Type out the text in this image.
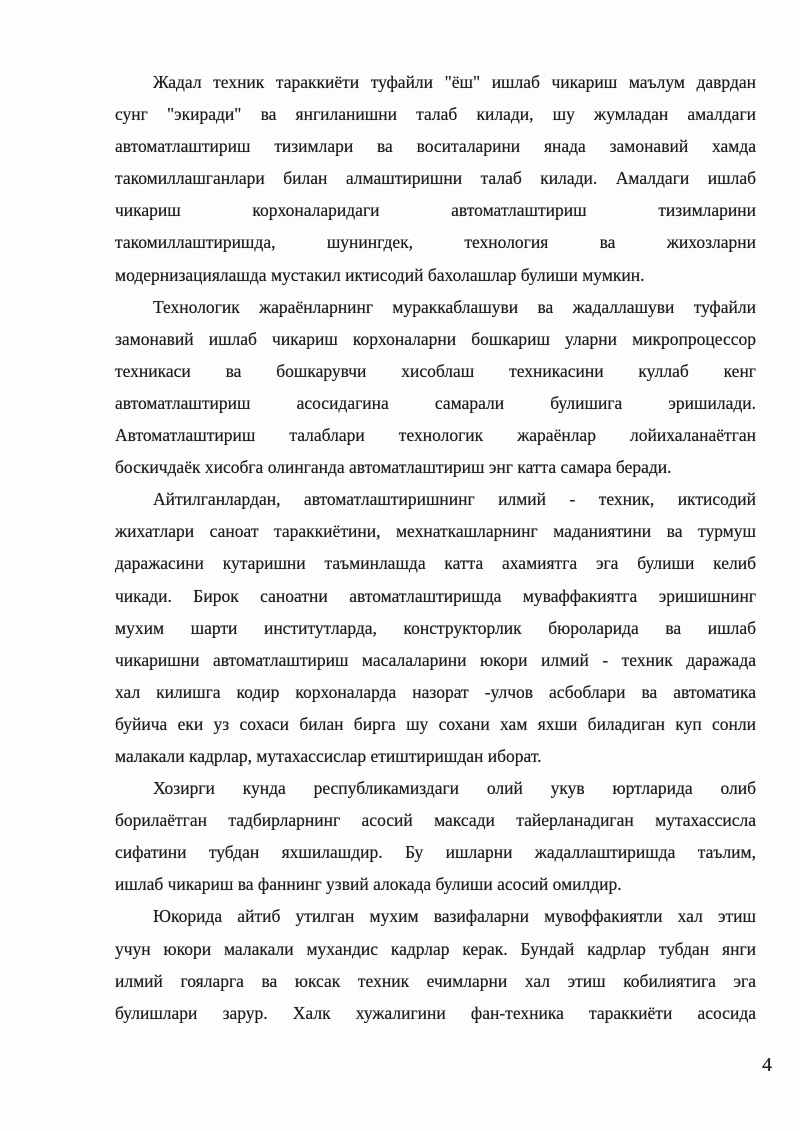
Жадал техник тараккиёти туфайли "ёш" ишлаб чикариш маълум даврдан
сунг "экиради" ва янгиланишни талаб килади, шу жумладан амалдаги
автоматлаштириш тизимлари ва воситаларини янада замонавий хамда
такомиллашганлари билан алмаштиришни талаб килади. Амалдаги ишлаб
чикариш корхоналаридаги автоматлаштириш тизимларини
такомиллаштиришда, шунингдек, технология ва жихозларни
модернизациялашда мустакил иктисодий бахолашлар булиши мумкин.
Технологик жараёнларнинг мураккаблашуви ва жадаллашуви туфайли
замонавий ишлаб чикариш корхоналарни бошкариш уларни микропроцессор
техникаси ва бошкарувчи хисоблаш техникасини куллаб кенг
автоматлаштириш асосидагина самарали булишига эришилади.
Автоматлаштириш талаблари технологик жараёнлар лойихаланаётган
боскичдаёк хисобга олинганда автоматлаштириш энг катта самара беради.
Айтилганлардан, автоматлаштиришнинг илмий - техник, иктисодий
жихатлари саноат тараккиётини, мехнаткашларнинг маданиятини ва турмуш
даражасини кутаришни таъминлашда катта ахамиятга эга булиши келиб
чикади. Бирок саноатни автоматлаштиришда муваффакиятга эришишнинг
мухим шарти институтларда, конструкторлик бюроларида ва ишлаб
чикаришни автоматлаштириш масалаларини юкори илмий - техник даражада
хал килишга кодир корхоналарда назорат -улчов асбоблари ва автоматика
буйича еки уз сохаси билан бирга шу сохани хам яхши биладиган куп сонли
малакали кадрлар, мутахассислар етиштиришдан иборат.
Хозирги кунда республикамиздаги олий укув юртларида олиб
борилаётган тадбирларнинг асосий максади тайерланадиган мутахассисла
сифатини тубдан яхшилашдир. Бу ишларни жадаллаштиришда таълим,
ишлаб чикариш ва фаннинг узвий алокада булиши асосий омилдир.
Юкорида айтиб утилган мухим вазифаларни мувоффакиятли хал этиш
учун юкори малакали мухандис кадрлар керак. Бундай кадрлар тубдан янги
илмий гояларга ва юксак техник ечимларни хал этиш кобилиятига эга
булишлари зарур. Халк хужалигини фан-техника тараккиёти асосида
4
